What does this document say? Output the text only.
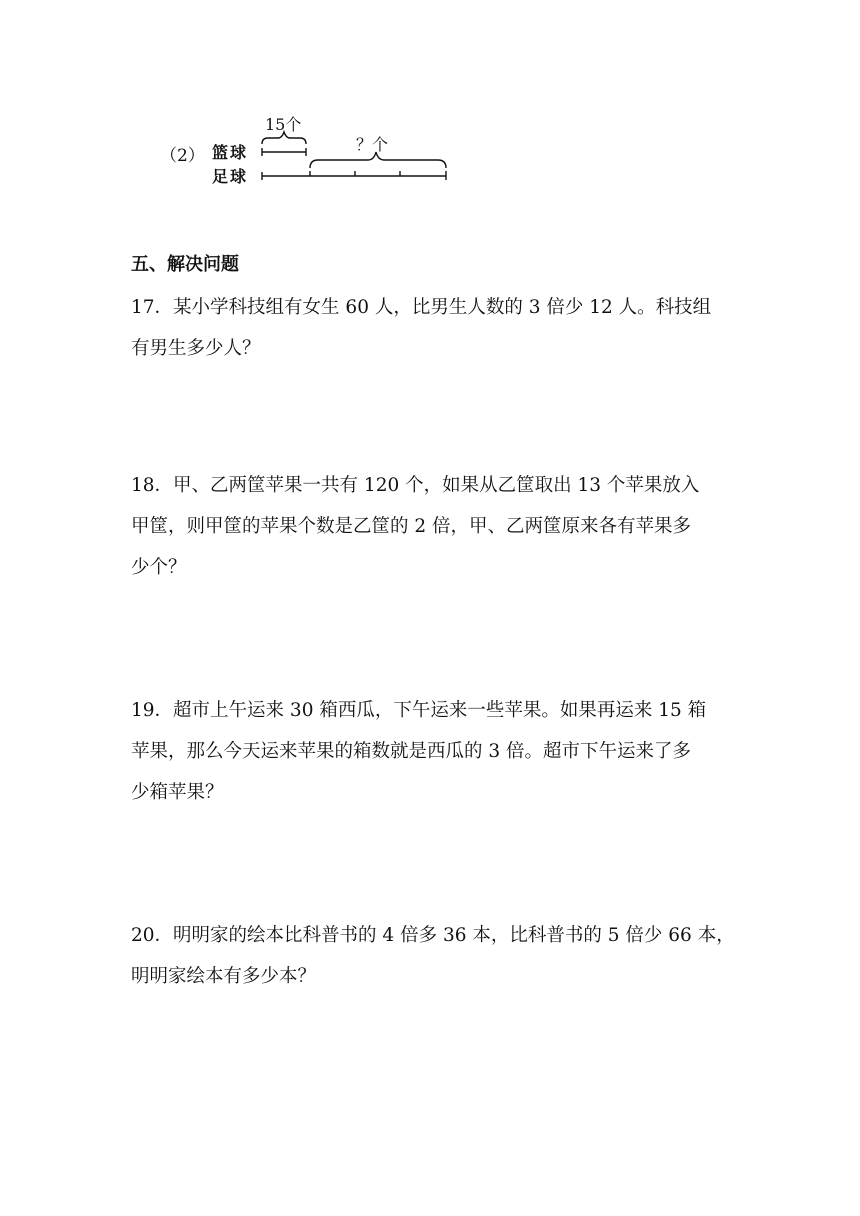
（2） 篮球
足球
15个
？个
五、解决问题
17．某小学科技组有女生 60 人，比男生人数的 3 倍少 12 人。科技组
有男生多少人？
18．甲、乙两筐苹果一共有 120 个，如果从乙筐取出 13 个苹果放入
甲筐，则甲筐的苹果个数是乙筐的 2 倍，甲、乙两筐原来各有苹果多
少个？
19．超市上午运来 30 箱西瓜，下午运来一些苹果。如果再运来 15 箱
苹果，那么今天运来苹果的箱数就是西瓜的 3 倍。超市下午运来了多
少箱苹果？
20．明明家的绘本比科普书的 4 倍多 36 本，比科普书的 5 倍少 66 本，
明明家绘本有多少本？
